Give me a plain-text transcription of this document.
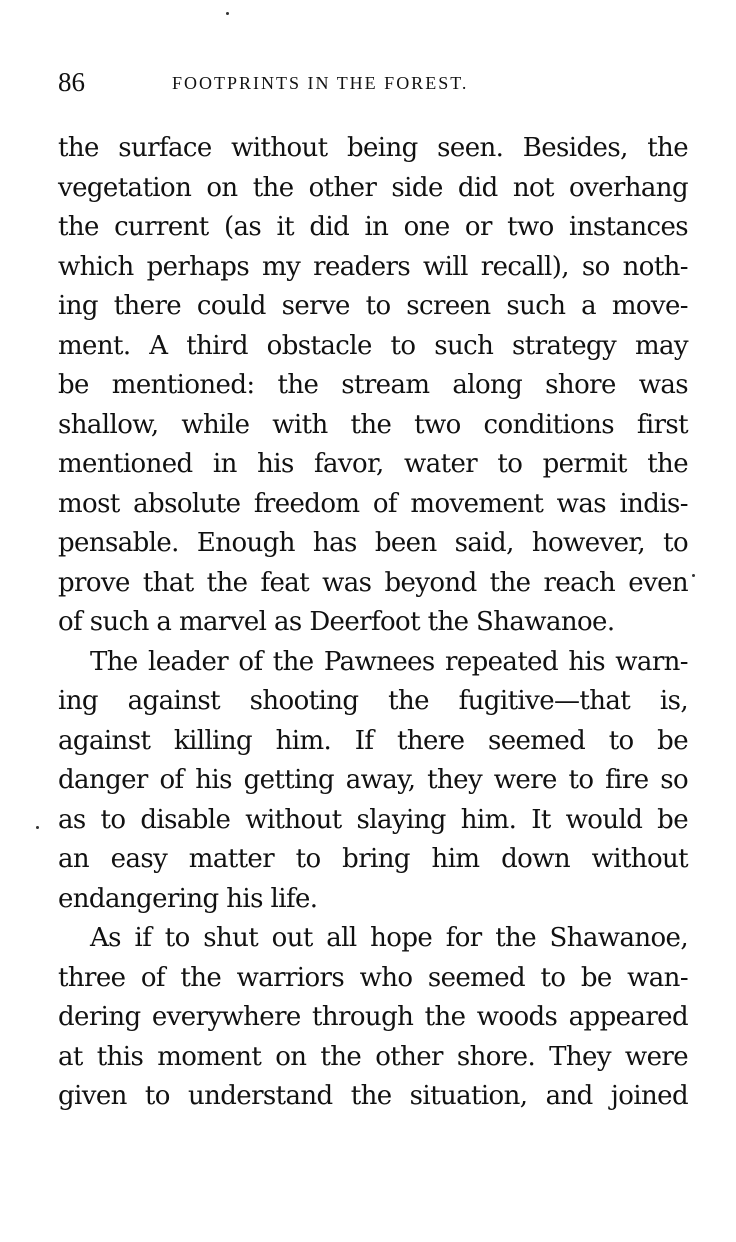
86	FOOTPRINTS IN THE FOREST.
the surface without being seen. Besides, the
vegetation on the other side did not overhang
the current (as it did in one or two instances
which perhaps my readers will recall), so noth-
ing there could serve to screen such a move-
ment. A third obstacle to such strategy may
be mentioned: the stream along shore was
shallow, while with the two conditions first
mentioned in his favor, water to permit the
most absolute freedom of movement was indis-
pensable. Enough has been said, however, to
prove that the feat was beyond the reach even
of such a marvel as Deerfoot the Shawanoe.
The leader of the Pawnees repeated his warn-
ing against shooting the fugitive—that is,
against killing him. If there seemed to be
danger of his getting away, they were to fire so
as to disable without slaying him. It would be
an easy matter to bring him down without
endangering his life.
As if to shut out all hope for the Shawanoe,
three of the warriors who seemed to be wan-
dering everywhere through the woods appeared
at this moment on the other shore. They were
given to understand the situation, and joined
